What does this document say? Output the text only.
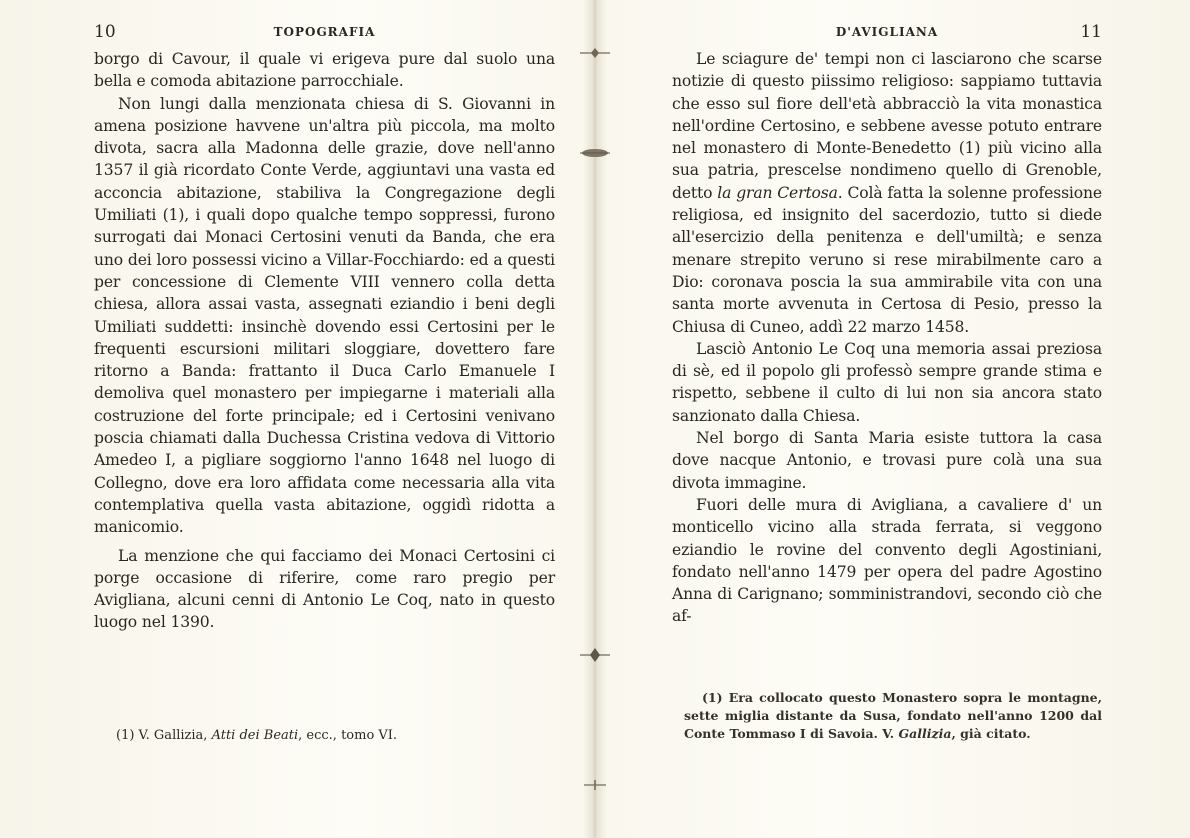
10	TOPOGRAFIA

borgo di Cavour, il quale vi erigeva pure dal suolo una bella e comoda abitazione parrocchiale.

Non lungi dalla menzionata chiesa di S. Giovanni in amena posizione havvene un'altra più piccola, ma molto divota, sacra alla Madonna delle grazie, dove nell'anno 1357 il già ricordato Conte Verde, aggiuntavi una vasta ed acconcia abitazione, stabiliva la Congregazione degli Umiliati (1), i quali dopo qualche tempo soppressi, furono surrogati dai Monaci Certosini venuti da Banda, che era uno dei loro possessi vicino a Villar-Focchiardo: ed a questi per concessione di Clemente VIII vennero colla detta chiesa, allora assai vasta, assegnati eziandio i beni degli Umiliati suddetti: insinchè dovendo essi Certosini per le frequenti escursioni militari sloggiare, dovettero fare ritorno a Banda: frattanto il Duca Carlo Emanuele I demoliva quel monastero per impiegarne i materiali alla costruzione del forte principale; ed i Certosini venivano poscia chiamati dalla Duchessa Cristina vedova di Vittorio Amedeo I, a pigliare soggiorno l'anno 1648 nel luogo di Collegno, dove era loro affidata come necessaria alla vita contemplativa quella vasta abitazione, oggidì ridotta a manicomio.

La menzione che qui facciamo dei Monaci Certosini ci porge occasione di riferire, come raro pregio per Avigliana, alcuni cenni di Antonio Le Coq, nato in questo luogo nel 1390.

(1) V. Gallizia, Atti dei Beati, ecc., tomo VI.
D'AVIGLIANA	11

Le sciagure de' tempi non ci lasciarono che scarse notizie di questo piissimo religioso: sappiamo tuttavia che esso sul fiore dell'età abbracciò la vita monastica nell'ordine Certosino, e sebbene avesse potuto entrare nel monastero di Monte-Benedetto (1) più vicino alla sua patria, prescelse nondimeno quello di Grenoble, detto la gran Certosa. Colà fatta la solenne professione religiosa, ed insignito del sacerdozio, tutto si diede all'esercizio della penitenza e dell'umiltà; e senza menare strepito veruno si rese mirabilmente caro a Dio: coronava poscia la sua ammirabile vita con una santa morte avvenuta in Certosa di Pesio, presso la Chiusa di Cuneo, addì 22 marzo 1458.

Lasciò Antonio Le Coq una memoria assai preziosa di sè, ed il popolo gli professò sempre grande stima e rispetto, sebbene il culto di lui non sia ancora stato sanzionato dalla Chiesa.

Nel borgo di Santa Maria esiste tuttora la casa dove nacque Antonio, e trovasi pure colà una sua divota immagine.

Fuori delle mura di Avigliana, a cavaliere d' un monticello vicino alla strada ferrata, si veggono eziandio le rovine del convento degli Agostiniani, fondato nell'anno 1479 per opera del padre Agostino Anna di Carignano; somministrandovi, secondo ciò che af-

(1) Era collocato questo Monastero sopra le montagne, sette miglia distante da Susa, fondato nell'anno 1200 dal Conte Tommaso I di Savoia. V. Gallizia, già citato.
